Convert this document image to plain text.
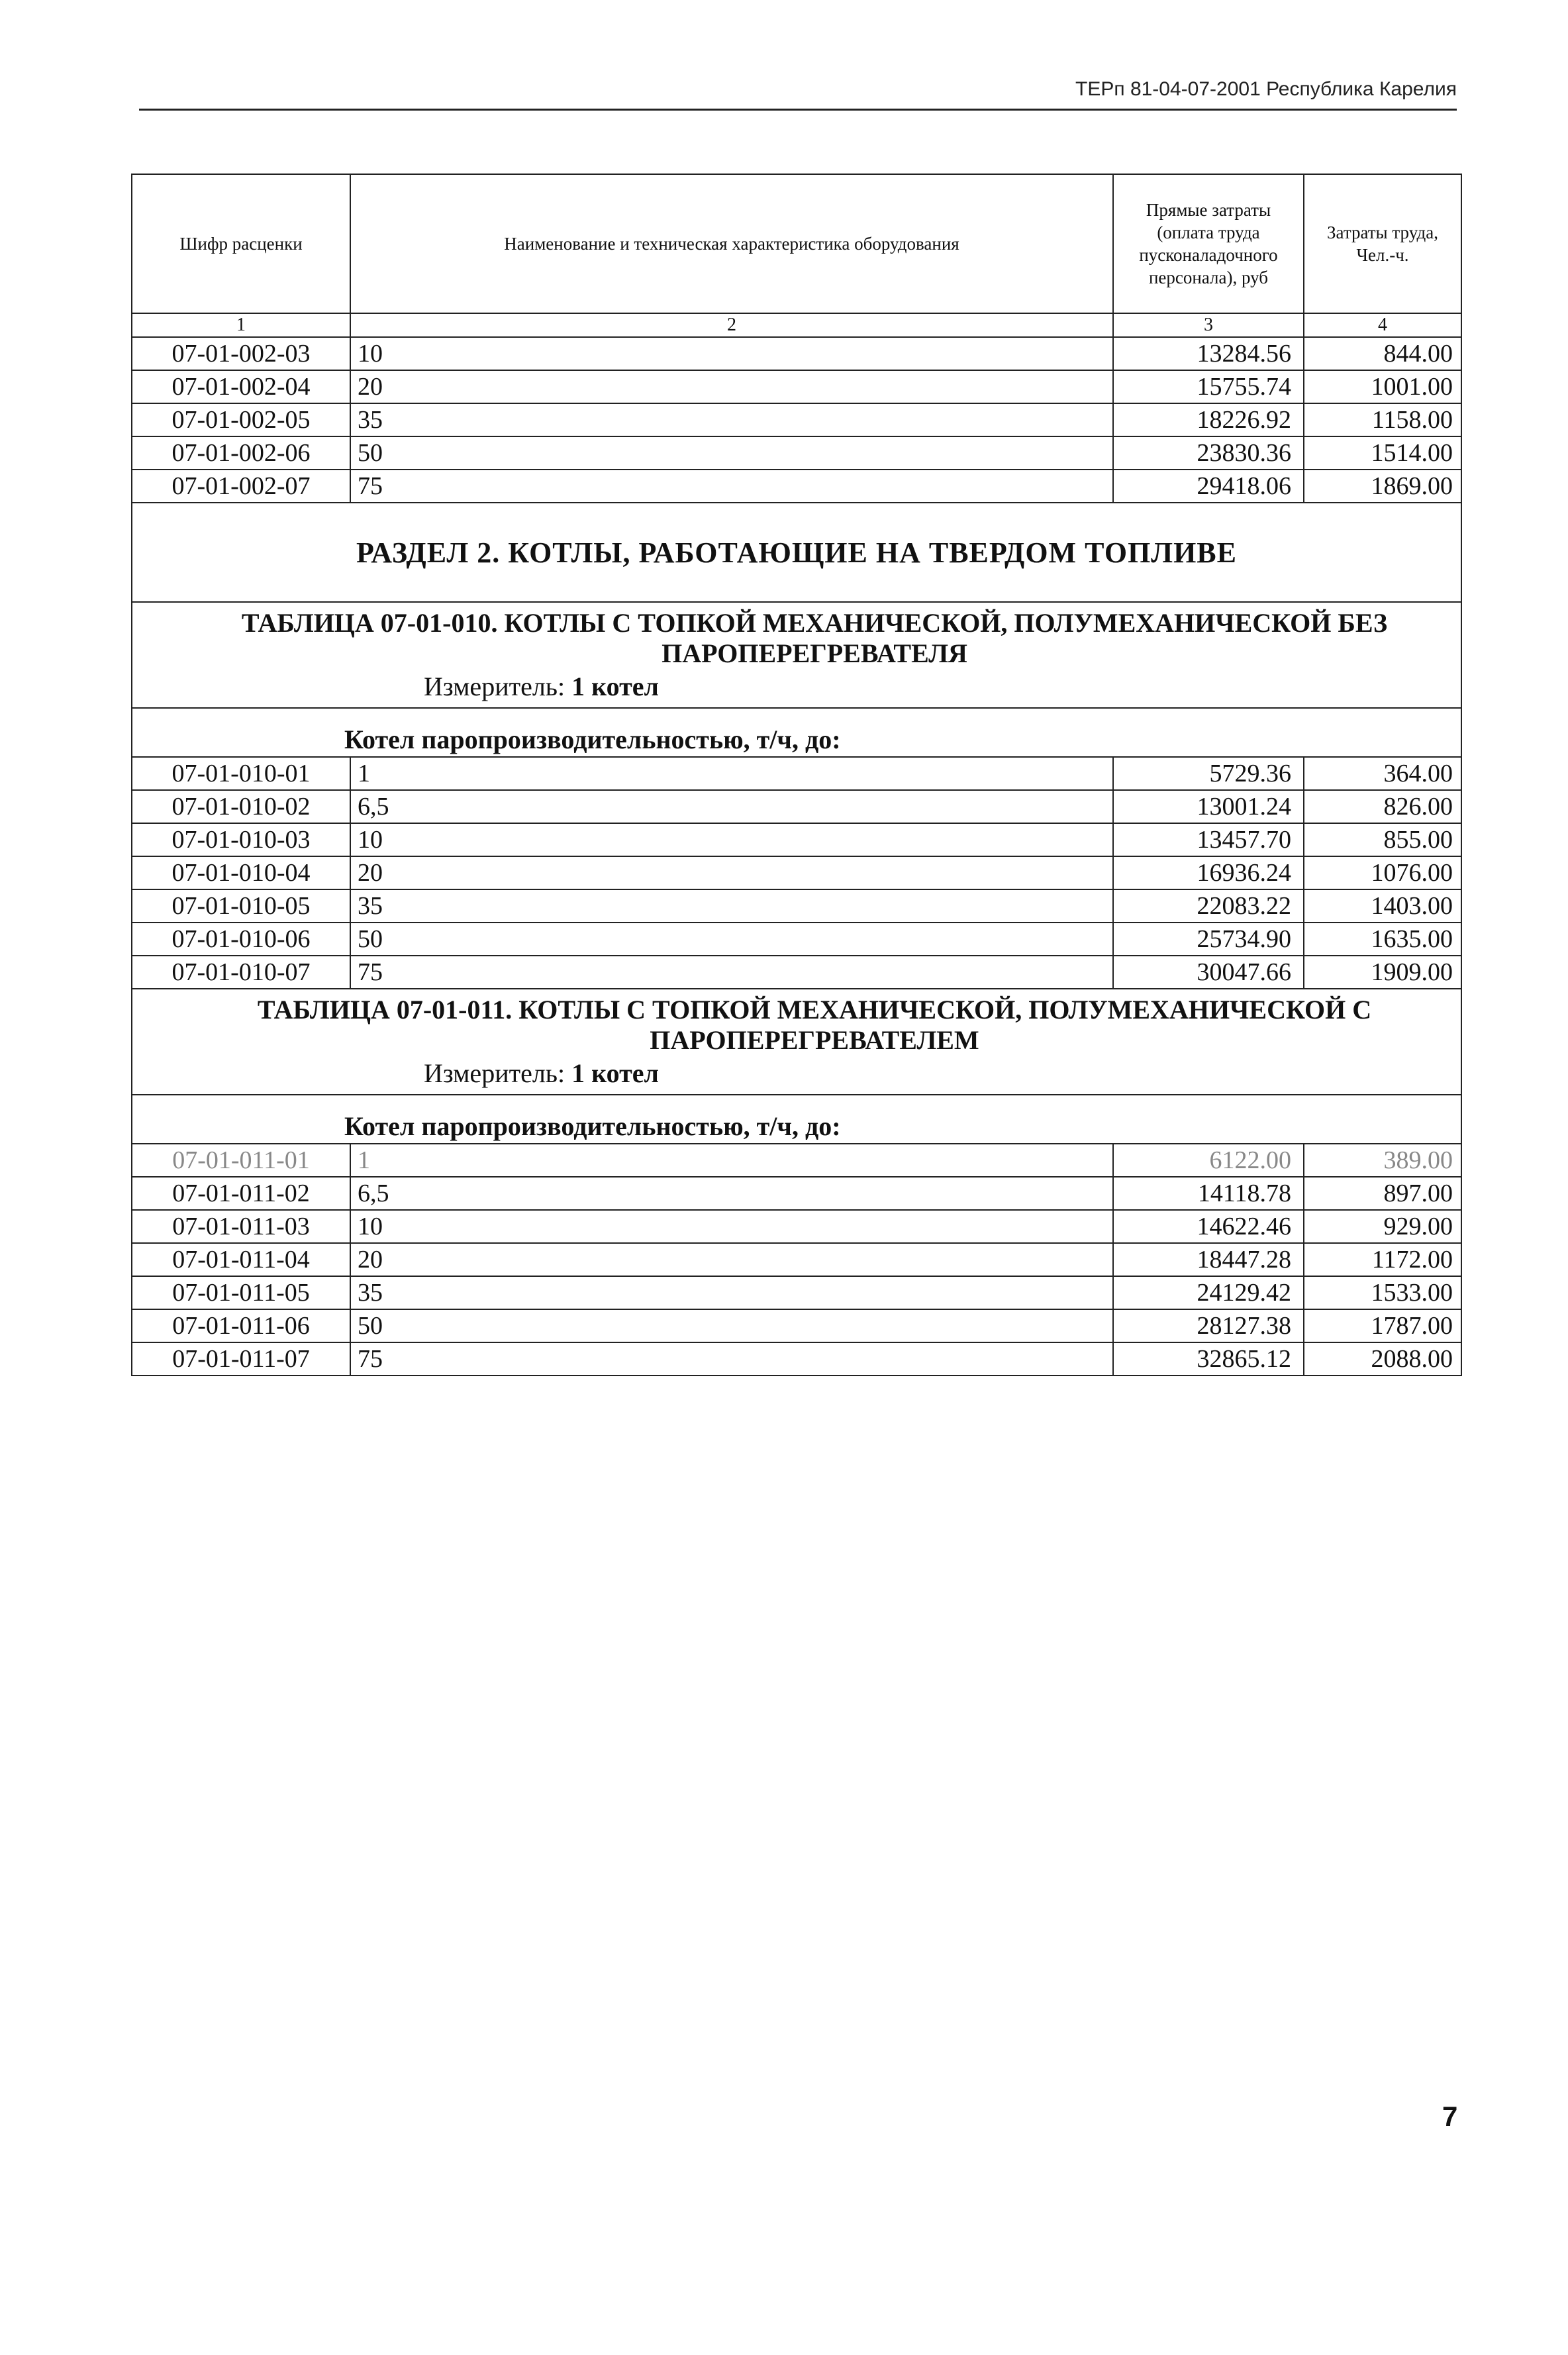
ТЕРп 81-04-07-2001 Республика Карелия
Шифр расценки	Наименование и техническая характеристика оборудования	Прямые затраты (оплата труда пусконаладочного персонала), руб	Затраты труда, Чел.-ч.
1	2	3	4
07-01-002-03	10	13284.56	844.00
07-01-002-04	20	15755.74	1001.00
07-01-002-05	35	18226.92	1158.00
07-01-002-06	50	23830.36	1514.00
07-01-002-07	75	29418.06	1869.00
РАЗДЕЛ 2. КОТЛЫ, РАБОТАЮЩИЕ НА ТВЕРДОМ ТОПЛИВЕ			

ТАБЛИЦА 07-01-010. КОТЛЫ С ТОПКОЙ МЕХАНИЧЕСКОЙ, ПОЛУМЕХАНИЧЕСКОЙ БЕЗ ПАРОПЕРЕГРЕВАТЕЛЯ
Измеритель: 1 котел			

Котел паропроизводительностью, т/ч, до:			
07-01-010-01	1	5729.36	364.00
07-01-010-02	6,5	13001.24	826.00
07-01-010-03	10	13457.70	855.00
07-01-010-04	20	16936.24	1076.00
07-01-010-05	35	22083.22	1403.00
07-01-010-06	50	25734.90	1635.00
07-01-010-07	75	30047.66	1909.00

ТАБЛИЦА 07-01-011. КОТЛЫ С ТОПКОЙ МЕХАНИЧЕСКОЙ, ПОЛУМЕХАНИЧЕСКОЙ С ПАРОПЕРЕГРЕВАТЕЛЕМ
Измеритель: 1 котел			

Котел паропроизводительностью, т/ч, до:			
07-01-011-01	1	6122.00	389.00
07-01-011-02	6,5	14118.78	897.00
07-01-011-03	10	14622.46	929.00
07-01-011-04	20	18447.28	1172.00
07-01-011-05	35	24129.42	1533.00
07-01-011-06	50	28127.38	1787.00
07-01-011-07	75	32865.12	2088.00
7
